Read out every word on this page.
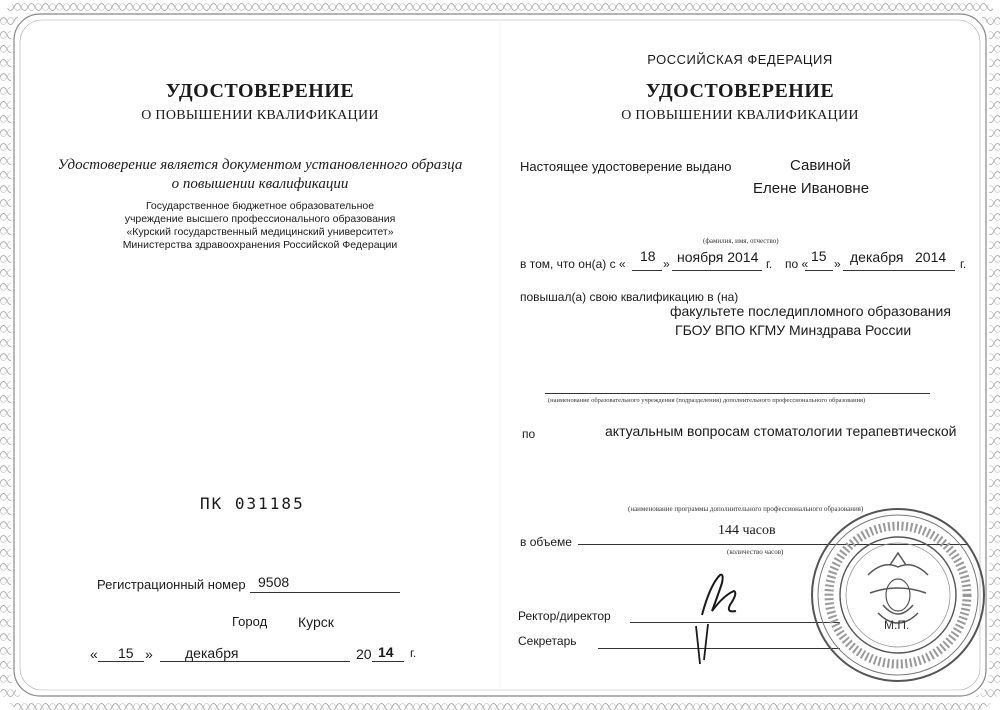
УДОСТОВЕРЕНИЕ
О ПОВЫШЕНИИ КВАЛИФИКАЦИИ
Удостоверение является документом установленного образца
о повышении квалификации
Государственное бюджетное образовательное
учреждение высшего профессионального образования
«Курский государственный медицинский университет»
Министерства здравоохранения Российской Федерации
ПК 031185
Регистрационный номер 9508
Город Курск
« 15 » декабря	20 14 г.
РОССИЙСКАЯ ФЕДЕРАЦИЯ
УДОСТОВЕРЕНИЕ
О ПОВЫШЕНИИ КВАЛИФИКАЦИИ
Настоящее удостоверение выдано	Савиной
Елене Ивановне
(фамилия, имя, отчество)
в том, что он(а) с « 18 » ноября 2014 г. по « 15 » декабря 2014 г.
повышал(а) свою квалификацию в (на)
факультете последипломного образования
ГБОУ ВПО КГМУ Минздрава России
(наименование образовательного учреждения (подразделения) дополнительного профессионального образования)
по	актуальным вопросам стоматологии терапевтической
(наименование программы дополнительного профессионального образования)
в объеме
144 часов
(количество часов)
Ректор/директор
Секретарь
М.П.
